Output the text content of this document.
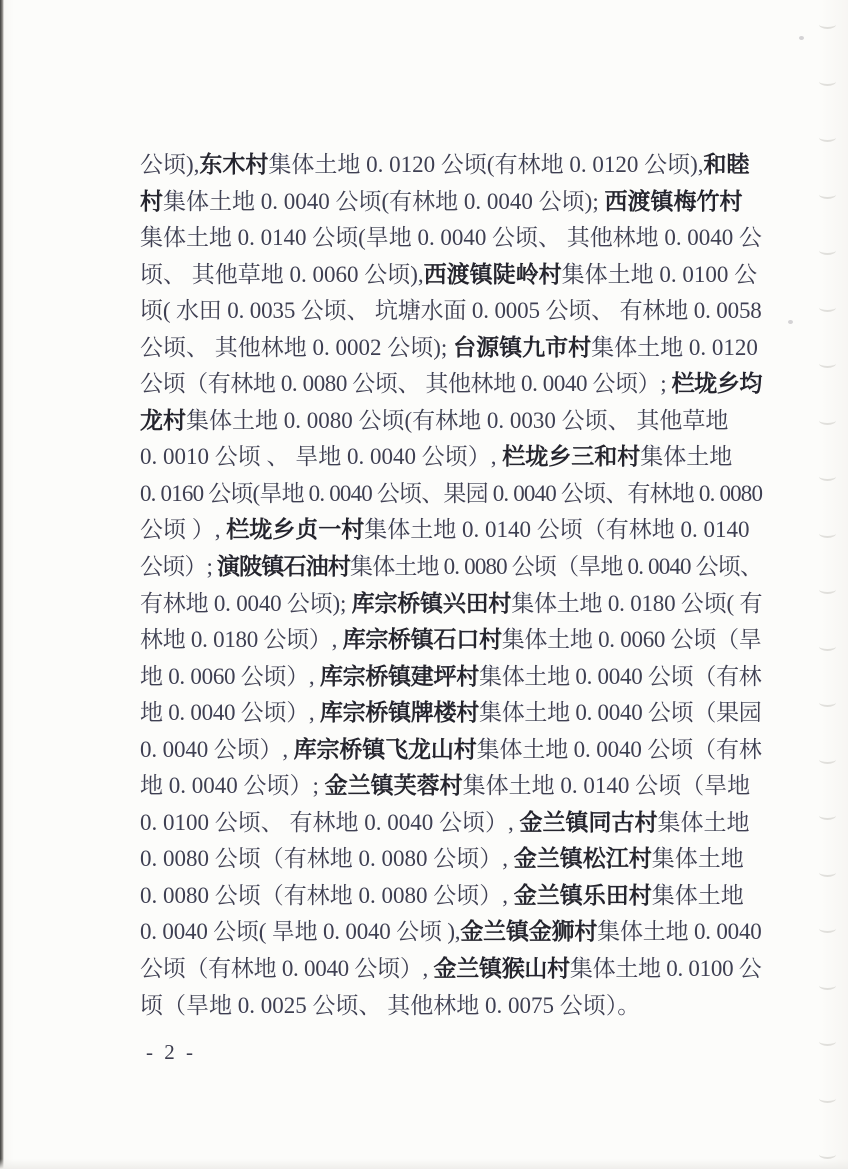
公顷),东木村集体土地 0. 0120 公顷(有林地 0. 0120 公顷),和睦
村集体土地 0. 0040 公顷(有林地 0. 0040 公顷); 西渡镇梅竹村
集体土地 0. 0140 公顷(旱地 0. 0040 公顷、 其他林地 0. 0040 公
顷、 其他草地 0. 0060 公顷),西渡镇陡岭村集体土地 0. 0100 公
顷( 水田 0. 0035 公顷、 坑塘水面 0. 0005 公顷、 有林地 0. 0058
公顷、 其他林地 0. 0002 公顷); 台源镇九市村集体土地 0. 0120
公顷（有林地 0. 0080 公顷、 其他林地 0. 0040 公顷）; 栏垅乡均
龙村集体土地 0. 0080 公顷(有林地 0. 0030 公顷、 其他草地
0. 0010 公顷 、 旱地 0. 0040 公顷）, 栏垅乡三和村集体土地
0. 0160 公顷(旱地 0. 0040 公顷、果园 0. 0040 公顷、有林地 0. 0080
公顷 ）, 栏垅乡贞一村集体土地 0. 0140 公顷（有林地 0. 0140
公顷）; 演陂镇石油村集体土地 0. 0080 公顷（旱地 0. 0040 公顷、
有林地 0. 0040 公顷); 库宗桥镇兴田村集体土地 0. 0180 公顷( 有
林地 0. 0180 公顷）, 库宗桥镇石口村集体土地 0. 0060 公顷（旱
地 0. 0060 公顷）, 库宗桥镇建坪村集体土地 0. 0040 公顷（有林
地 0. 0040 公顷）, 库宗桥镇牌楼村集体土地 0. 0040 公顷（果园
0. 0040 公顷）, 库宗桥镇飞龙山村集体土地 0. 0040 公顷（有林
地 0. 0040 公顷）; 金兰镇芙蓉村集体土地 0. 0140 公顷（旱地
0. 0100 公顷、 有林地 0. 0040 公顷）, 金兰镇同古村集体土地
0. 0080 公顷（有林地 0. 0080 公顷）, 金兰镇松江村集体土地
0. 0080 公顷（有林地 0. 0080 公顷）, 金兰镇乐田村集体土地
0. 0040 公顷( 旱地 0. 0040 公顷 ),金兰镇金狮村集体土地 0. 0040
公顷（有林地 0. 0040 公顷）, 金兰镇猴山村集体土地 0. 0100 公
顷（旱地 0. 0025 公顷、 其他林地 0. 0075 公顷）。
- 2 -
